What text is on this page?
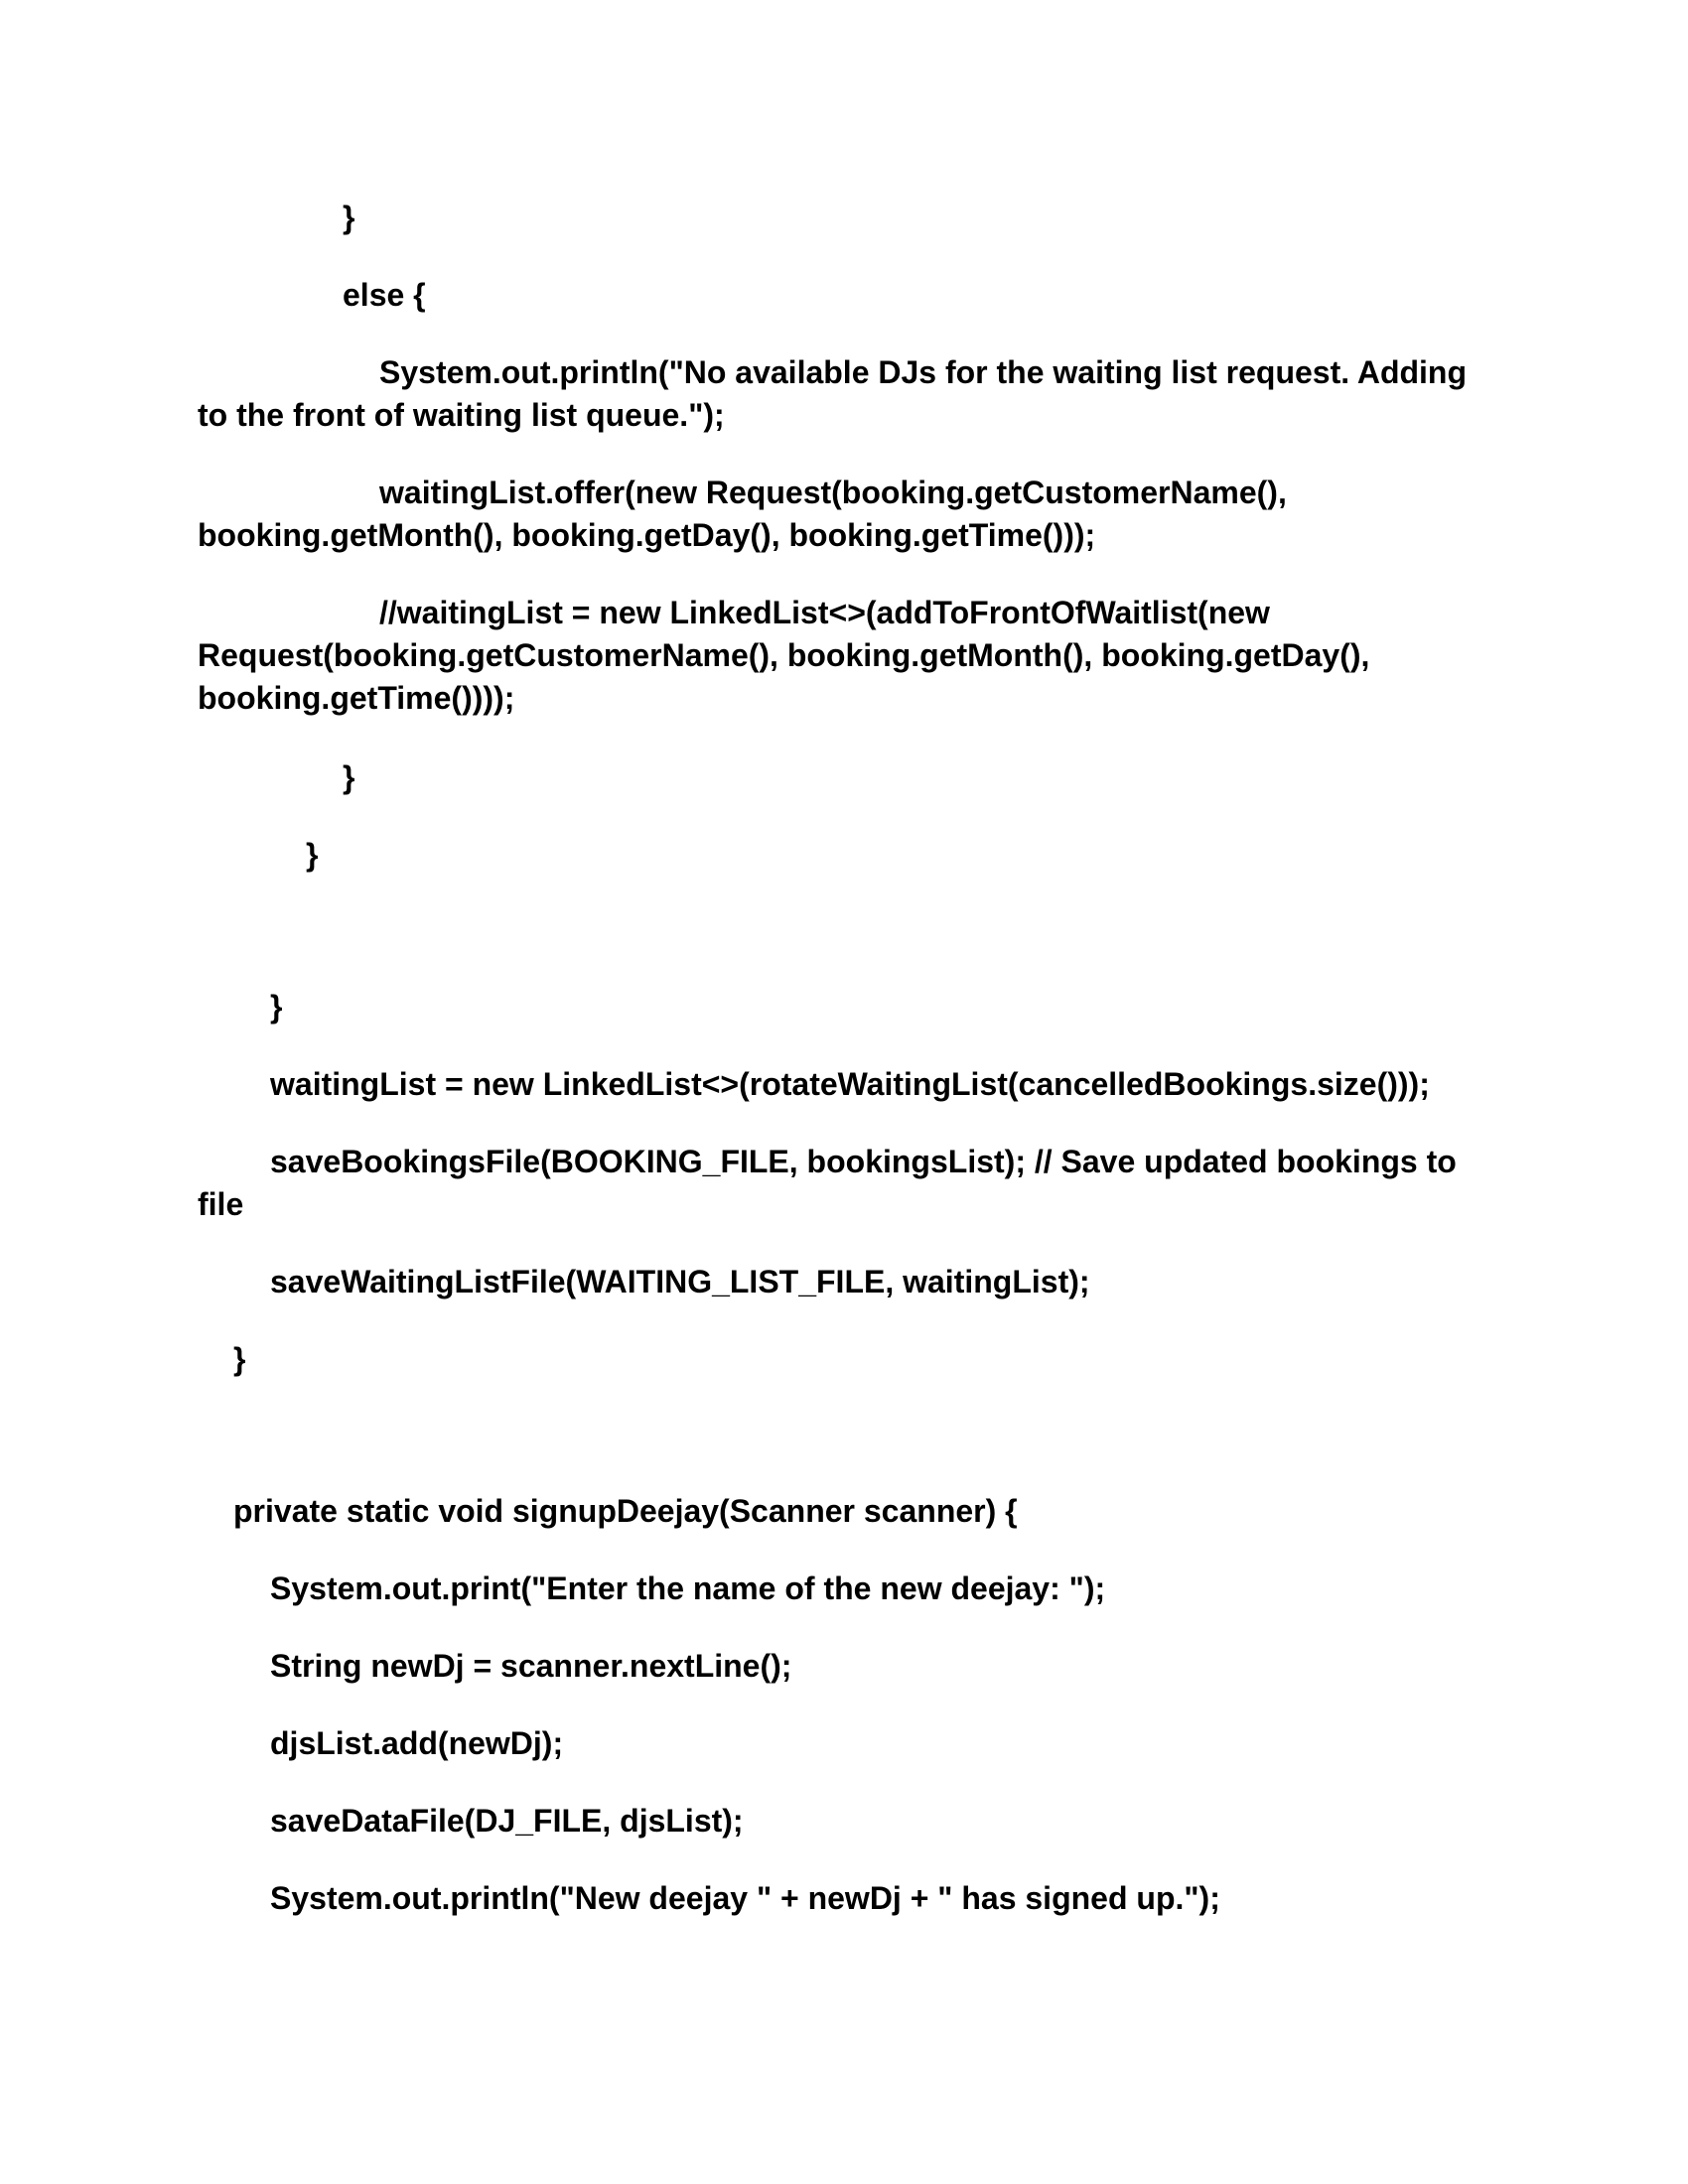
}

else {

System.out.println("No available DJs for the waiting list request. Adding to the front of waiting list queue.");

waitingList.offer(new Request(booking.getCustomerName(), booking.getMonth(), booking.getDay(), booking.getTime()));

//waitingList = new LinkedList<>(addToFrontOfWaitlist(new Request(booking.getCustomerName(), booking.getMonth(), booking.getDay(), booking.getTime())));

}

}

}

waitingList = new LinkedList<>(rotateWaitingList(cancelledBookings.size()));

saveBookingsFile(BOOKING_FILE, bookingsList); // Save updated bookings to file

saveWaitingListFile(WAITING_LIST_FILE, waitingList);

}

private static void signupDeejay(Scanner scanner) {

System.out.print("Enter the name of the new deejay: ");

String newDj = scanner.nextLine();

djsList.add(newDj);

saveDataFile(DJ_FILE, djsList);

System.out.println("New deejay " + newDj + " has signed up.");
